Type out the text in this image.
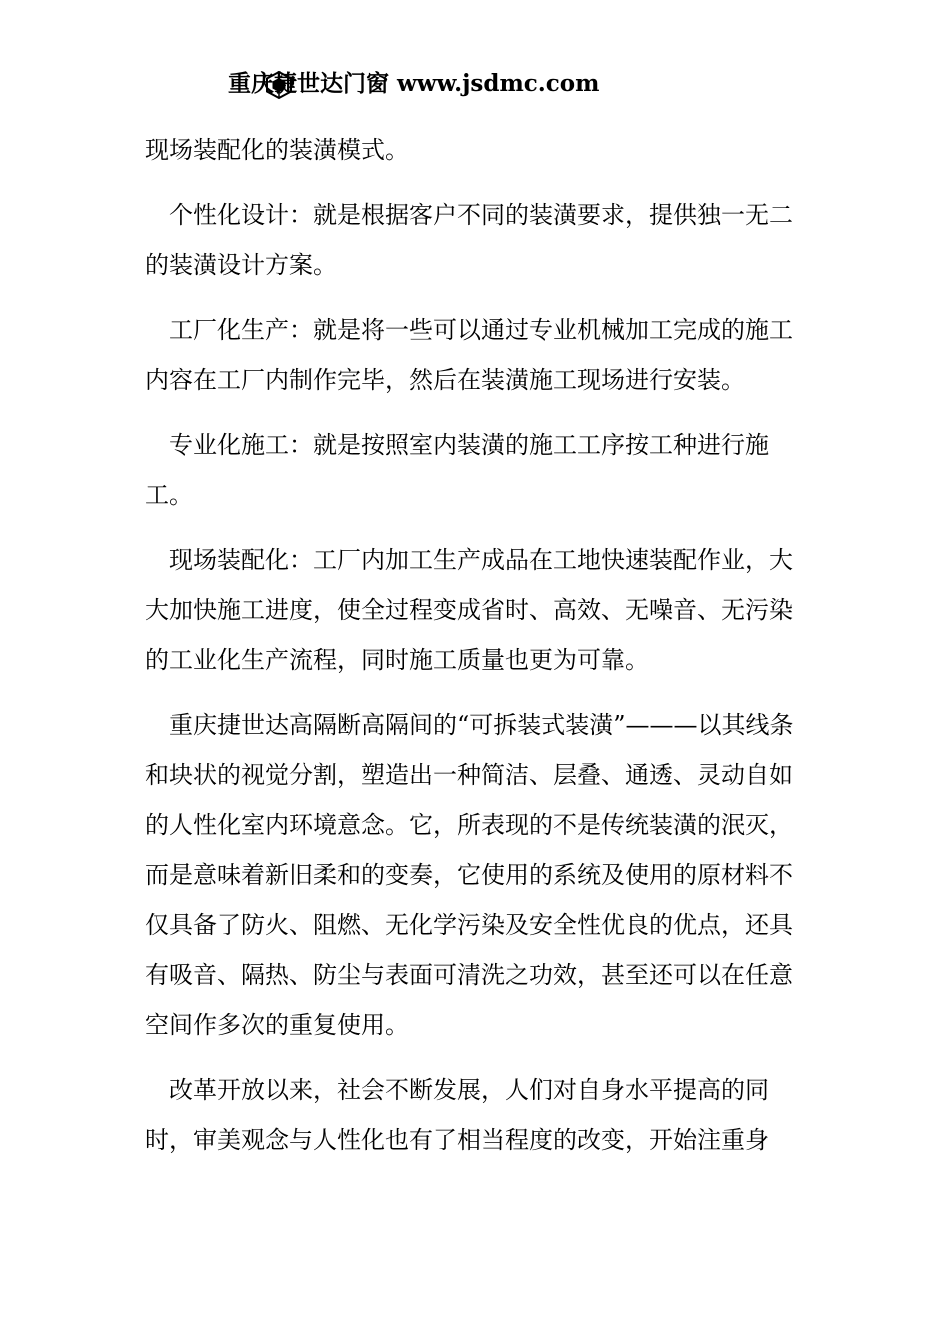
重庆捷世达门窗 www.jsdmc.com

现场装配化的装潢模式。

个性化设计：就是根据客户不同的装潢要求，提供独一无二的装潢设计方案。

工厂化生产：就是将一些可以通过专业机械加工完成的施工内容在工厂内制作完毕，然后在装潢施工现场进行安装。

专业化施工：就是按照室内装潢的施工工序按工种进行施工。

现场装配化：工厂内加工生产成品在工地快速装配作业，大大加快施工进度，使全过程变成省时、高效、无噪音、无污染的工业化生产流程，同时施工质量也更为可靠。

重庆捷世达高隔断高隔间的“可拆装式装潢”———以其线条和块状的视觉分割，塑造出一种简洁、层叠、通透、灵动自如的人性化室内环境意念。它，所表现的不是传统装潢的泯灭，而是意味着新旧柔和的变奏，它使用的系统及使用的原材料不仅具备了防火、阻燃、无化学污染及安全性优良的优点，还具有吸音、隔热、防尘与表面可清洗之功效，甚至还可以在任意空间作多次的重复使用。

改革开放以来，社会不断发展，人们对自身水平提高的同时，审美观念与人性化也有了相当程度的改变，开始注重身
